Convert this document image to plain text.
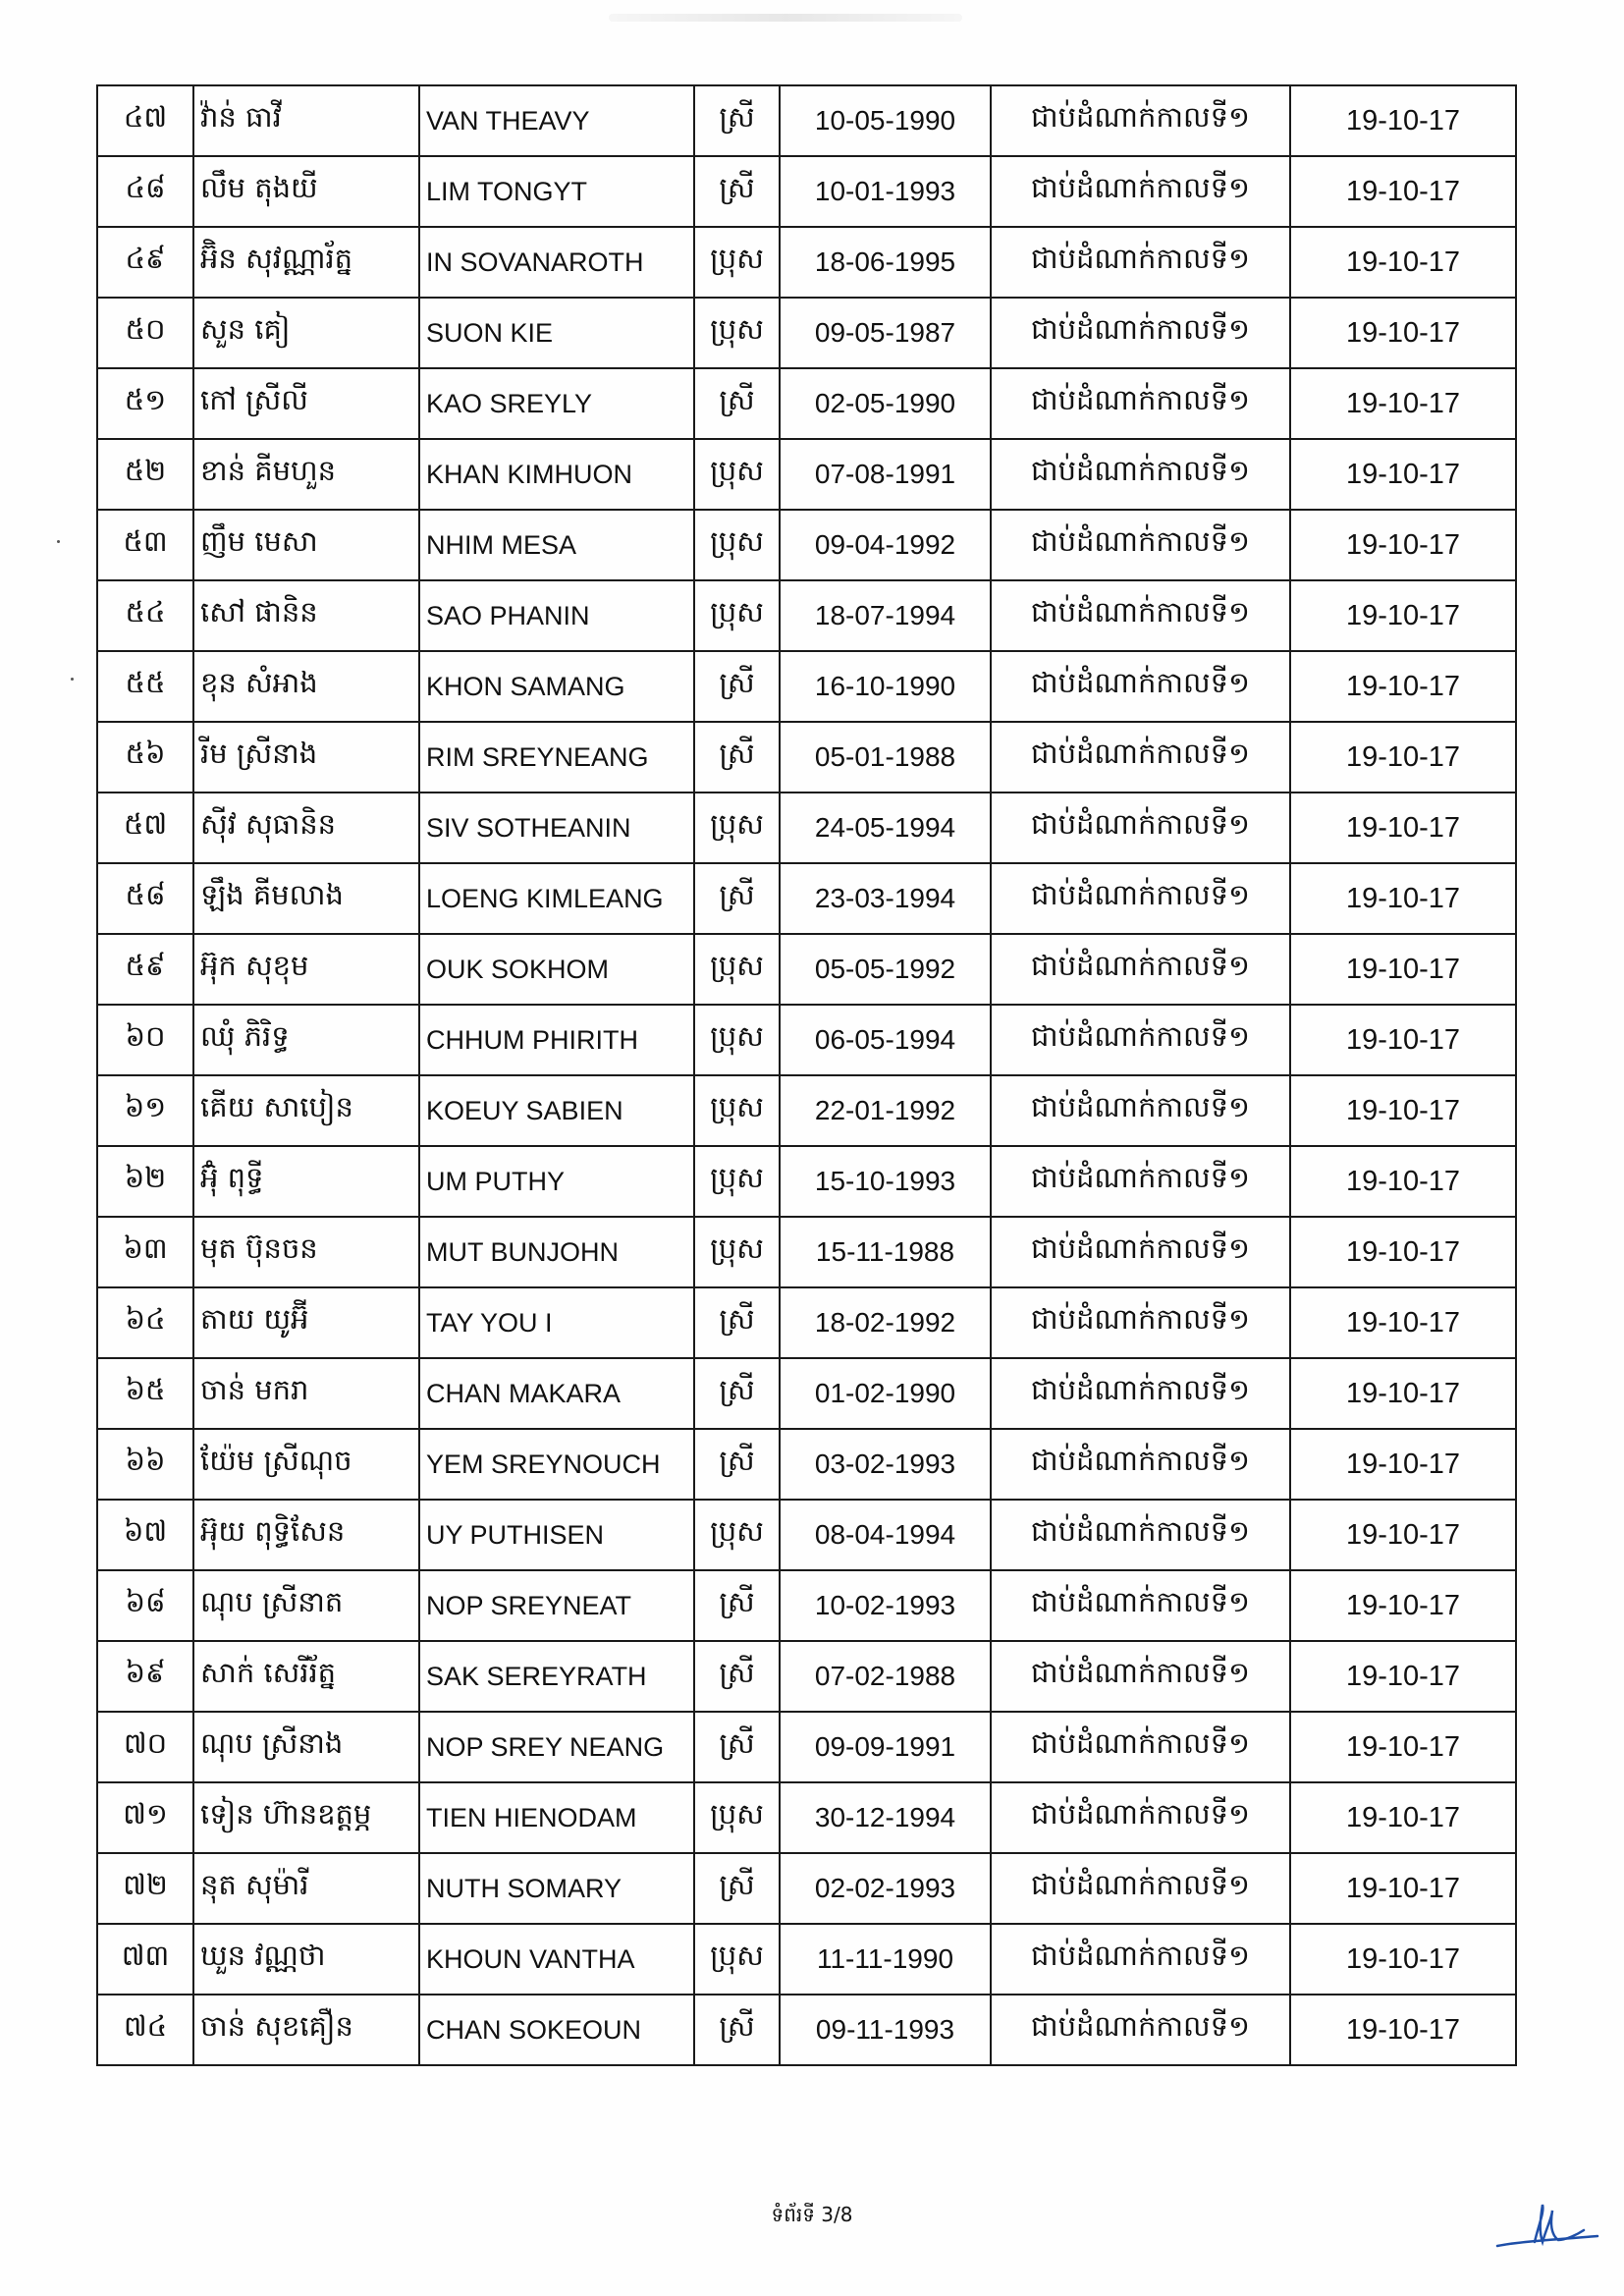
៤៧	វ៉ាន់ ធាវី	VAN THEAVY	ស្រី	10-05-1990	ជាប់ដំណាក់កាលទី១	19-10-17
៤៨	លឹម តុងយី	LIM TONGYT	ស្រី	10-01-1993	ជាប់ដំណាក់កាលទី១	19-10-17
៤៩	អ៊ិន សុវណ្ណារ័ត្ន	IN SOVANAROTH	ប្រុស	18-06-1995	ជាប់ដំណាក់កាលទី១	19-10-17
៥០	សួន គៀ	SUON KIE	ប្រុស	09-05-1987	ជាប់ដំណាក់កាលទី១	19-10-17
៥១	កៅ ស្រីលី	KAO SREYLY	ស្រី	02-05-1990	ជាប់ដំណាក់កាលទី១	19-10-17
៥២	ខាន់ គីមហួន	KHAN KIMHUON	ប្រុស	07-08-1991	ជាប់ដំណាក់កាលទី១	19-10-17
៥៣	ញឹម មេសា	NHIM MESA	ប្រុស	09-04-1992	ជាប់ដំណាក់កាលទី១	19-10-17
៥៤	សៅ ផានិន	SAO PHANIN	ប្រុស	18-07-1994	ជាប់ដំណាក់កាលទី១	19-10-17
៥៥	ខុន សំអាង	KHON SAMANG	ស្រី	16-10-1990	ជាប់ដំណាក់កាលទី១	19-10-17
៥៦	រីម ស្រីនាង	RIM SREYNEANG	ស្រី	05-01-1988	ជាប់ដំណាក់កាលទី១	19-10-17
៥៧	ស៊ីវ សុធានិន	SIV SOTHEANIN	ប្រុស	24-05-1994	ជាប់ដំណាក់កាលទី១	19-10-17
៥៨	ឡឹង គីមលាង	LOENG KIMLEANG	ស្រី	23-03-1994	ជាប់ដំណាក់កាលទី១	19-10-17
៥៩	អ៊ុក សុខុម	OUK SOKHOM	ប្រុស	05-05-1992	ជាប់ដំណាក់កាលទី១	19-10-17
៦០	ឈុំ ភិរិទ្ធ	CHHUM PHIRITH	ប្រុស	06-05-1994	ជាប់ដំណាក់កាលទី១	19-10-17
៦១	គើយ សាបៀន	KOEUY SABIEN	ប្រុស	22-01-1992	ជាប់ដំណាក់កាលទី១	19-10-17
៦២	អ៊ុំ ពុទ្ធី	UM PUTHY	ប្រុស	15-10-1993	ជាប់ដំណាក់កាលទី១	19-10-17
៦៣	មុត ប៊ុនចន	MUT BUNJOHN	ប្រុស	15-11-1988	ជាប់ដំណាក់កាលទី១	19-10-17
៦៤	តាយ យូអ៊ី	TAY YOU I	ស្រី	18-02-1992	ជាប់ដំណាក់កាលទី១	19-10-17
៦៥	ចាន់ មករា	CHAN MAKARA	ស្រី	01-02-1990	ជាប់ដំណាក់កាលទី១	19-10-17
៦៦	យ៉ែម ស្រីណុច	YEM SREYNOUCH	ស្រី	03-02-1993	ជាប់ដំណាក់កាលទី១	19-10-17
៦៧	អ៊ុយ ពុទ្ធិសែន	UY PUTHISEN	ប្រុស	08-04-1994	ជាប់ដំណាក់កាលទី១	19-10-17
៦៨	ណុប ស្រីនាត	NOP SREYNEAT	ស្រី	10-02-1993	ជាប់ដំណាក់កាលទី១	19-10-17
៦៩	សាក់ សេរីរ័ត្ន	SAK SEREYRATH	ស្រី	07-02-1988	ជាប់ដំណាក់កាលទី១	19-10-17
៧០	ណុប ស្រីនាង	NOP SREY NEANG	ស្រី	09-09-1991	ជាប់ដំណាក់កាលទី១	19-10-17
៧១	ទៀន ហ៊ានឧត្តម្ភ	TIEN HIENODAM	ប្រុស	30-12-1994	ជាប់ដំណាក់កាលទី១	19-10-17
៧២	នុត សុម៉ារី	NUTH SOMARY	ស្រី	02-02-1993	ជាប់ដំណាក់កាលទី១	19-10-17
៧៣	ឃួន វណ្ណថា	KHOUN VANTHA	ប្រុស	11-11-1990	ជាប់ដំណាក់កាលទី១	19-10-17
៧៤	ចាន់ សុខគឿន	CHAN SOKEOUN	ស្រី	09-11-1993	ជាប់ដំណាក់កាលទី១	19-10-17
ទំព័រទី 3/8
